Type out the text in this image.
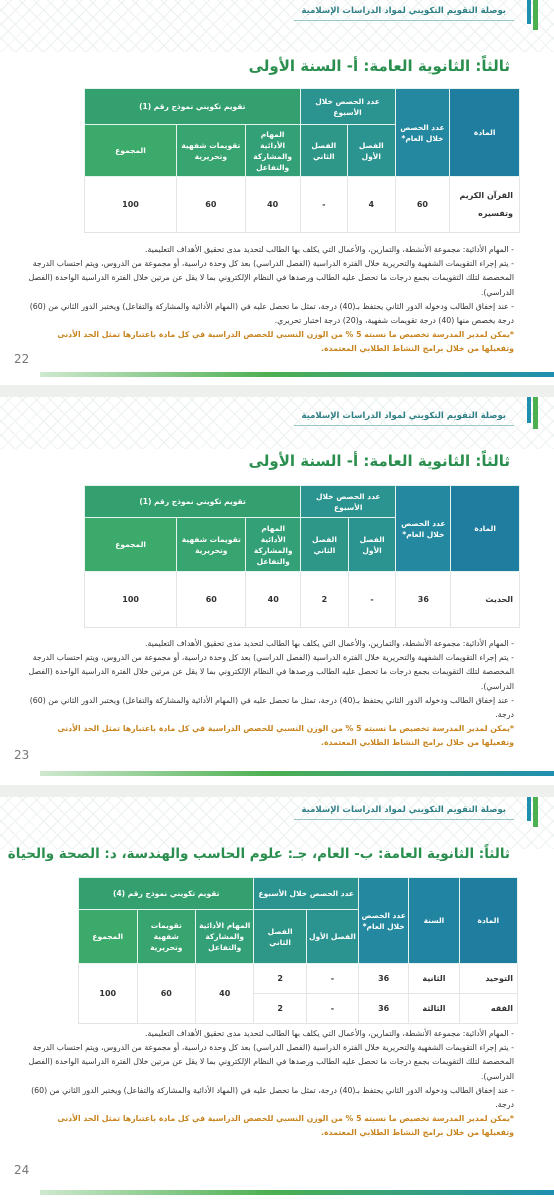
بوصلة التقويم التكويني لمواد الدراسات الإسلامية
ثالثاً: الثانوية العامة: أ- السنة الأولى
المادة	عدد الحصص خلال العام*	عدد الحصص خلال الأسبوع		تقويم تكويني نموذج رقم (1)		
		الفصل الأول	الفصل الثاني	المهام الأدائية والمشاركة والتفاعل	تقويمات شفهية وتحريرية	المجموع
القرآن الكريم وتفسيره	60	4	-	40	60	100

- المهام الأدائية: مجموعة الأنشطة، والتمارين، والأعمال التي يكلف بها الطالب لتحديد مدى تحقيق الأهداف التعليمية.

- يتم إجراء التقويمات الشفهية والتحريرية خلال الفترة الدراسية (الفصل الدراسي) بعد كل وحدة دراسية، أو مجموعة من الدروس، ويتم احتساب الدرجة المخصصة لتلك التقويمات بجمع درجات ما تحصل عليه الطالب ورصدها في النظام الإلكتروني بما لا يقل عن مرتين خلال الفترة الدراسية الواحدة (الفصل الدراسي).

- عند إخفاق الطالب ودخوله الدور الثاني يحتفظ بـ(40) درجة، تمثل ما تحصل عليه في (المهام الأدائية والمشاركة والتفاعل) ويختبر الدور الثاني من (60) درجة يخصص منها (40) درجة تقويمات شفهية، و(20) درجة اختبار تحريري.

*يمكن لمدير المدرسة تخصيص ما نسبته 5 % من الوزن النسبي للحصص الدراسية في كل مادة باعتبارها تمثل الحد الأدنى وتفعيلها من خلال برامج النشاط الطلابي المعتمدة.

22
بوصلة التقويم التكويني لمواد الدراسات الإسلامية
ثالثاً: الثانوية العامة: أ- السنة الأولى
المادة	عدد الحصص خلال العام*	عدد الحصص خلال الأسبوع		تقويم تكويني نموذج رقم (1)		
		الفصل الأول	الفصل الثاني	المهام الأدائية والمشاركة والتفاعل	تقويمات شفهية وتحريرية	المجموع
الحديث	36	-	2	40	60	100

- المهام الأدائية: مجموعة الأنشطة، والتمارين، والأعمال التي يكلف بها الطالب لتحديد مدى تحقيق الأهداف التعليمية.

- يتم إجراء التقويمات الشفهية والتحريرية خلال الفترة الدراسية (الفصل الدراسي) بعد كل وحدة دراسية، أو مجموعة من الدروس، ويتم احتساب الدرجة المخصصة لتلك التقويمات بجمع درجات ما تحصل عليه الطالب ورصدها في النظام الإلكتروني بما لا يقل عن مرتين خلال الفترة الدراسية الواحدة (الفصل الدراسي).

- عند إخفاق الطالب ودخوله الدور الثاني يحتفظ بـ(40) درجة، تمثل ما تحصل عليه في (المهام الأدائية والمشاركة والتفاعل) ويختبر الدور الثاني من (60) درجة.

*يمكن لمدير المدرسة تخصيص ما نسبته 5 % من الوزن النسبي للحصص الدراسية في كل مادة باعتبارها تمثل الحد الأدنى وتفعيلها من خلال برامج النشاط الطلابي المعتمدة.

23
بوصلة التقويم التكويني لمواد الدراسات الإسلامية
ثالثاً: الثانوية العامة: ب- العام، جـ: علوم الحاسب والهندسة، د: الصحة والحياة
المادة	السنة	عدد الحصص خلال العام*	عدد الحصص خلال الأسبوع		تقويم تكويني نموذج رقم (4)		
			الفصل الأول	الفصل الثاني	المهام الأدائية والمشاركة والتفاعل	تقويمات شفهية وتحريرية	المجموع
التوحيد	الثانية	36	-	2	40	60	100
الفقه	الثالثة	36	-	2			

- المهام الأدائية: مجموعة الأنشطة، والتمارين، والأعمال التي يكلف بها الطالب لتحديد مدى تحقيق الأهداف التعليمية.

- يتم إجراء التقويمات الشفهية والتحريرية خلال الفترة الدراسية (الفصل الدراسي) بعد كل وحدة دراسية، أو مجموعة من الدروس، ويتم احتساب الدرجة المخصصة لتلك التقويمات بجمع درجات ما تحصل عليه الطالب ورصدها في النظام الإلكتروني بما لا يقل عن مرتين خلال الفترة الدراسية الواحدة (الفصل الدراسي).

- عند إخفاق الطالب ودخوله الدور الثاني يحتفظ بـ(40) درجة، تمثل ما تحصل عليه في (المهاد الأدائية والمشاركة والتفاعل) ويختبر الدور الثاني من (60) درجة.

*يمكن لمدير المدرسة تخصيص ما نسبته 5 % من الوزن النسبي للحصص الدراسية في كل مادة باعتبارها تمثل الحد الأدنى وتفعيلها من خلال برامج النشاط الطلابي المعتمدة.

24
